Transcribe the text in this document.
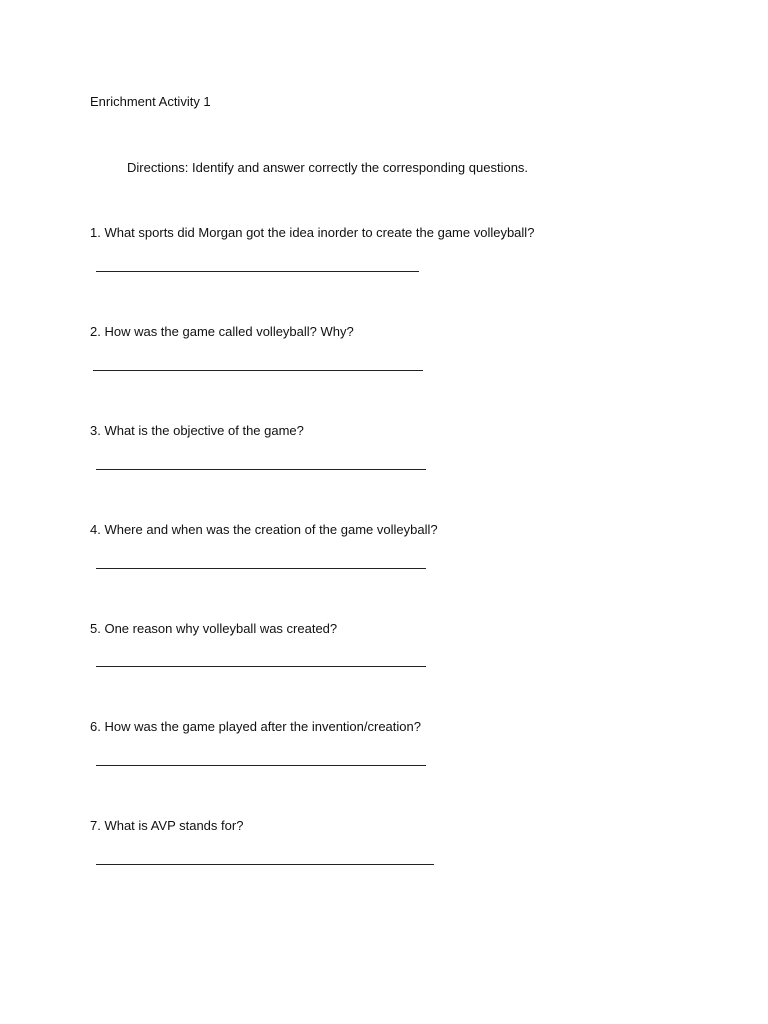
Enrichment Activity 1
Directions: Identify and answer correctly the corresponding questions.
1. What sports did Morgan got the idea inorder to create the game volleyball?
2. How was the game called volleyball? Why?
3. What is the objective of the game?
4. Where and when was the creation of the game volleyball?
5. One reason why volleyball was created?
6. How was the game played after the invention/creation?
7. What is AVP stands for?
